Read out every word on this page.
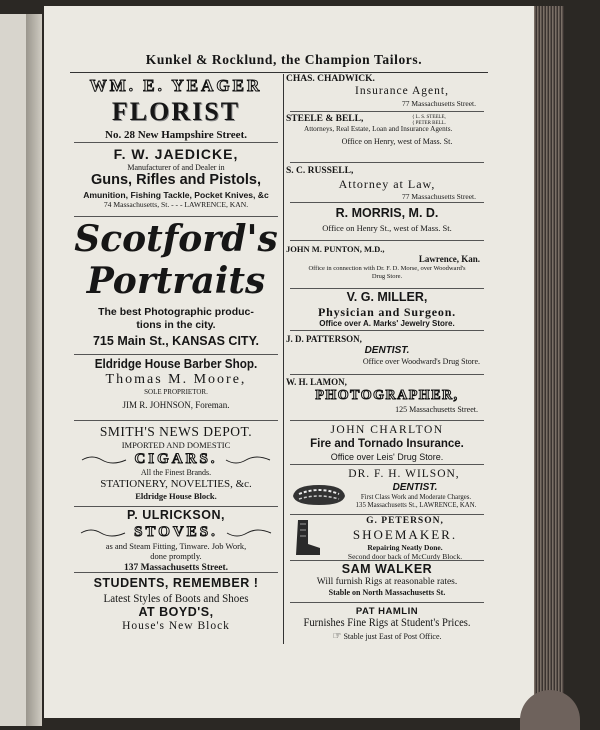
Kunkel & Rocklund, the Champion Tailors.
WM. E. YEAGER
FLORIST
No. 28 New Hampshire Street.
F. W. JAEDICKE,
Manufacturer of and Dealer in
Guns, Rifles and Pistols,
Amunition, Fishing Tackle, Pocket Knives, &c
74 Massachusetts, St. - - - LAWRENCE, KAN.
Scotford's
Portraits
The best Photographic produc-
tions in the city.
715 Main St., KANSAS CITY.
Eldridge House Barber Shop.
Thomas M. Moore,
SOLE PROPRIETOR.
JIM R. JOHNSON, Foreman.
SMITH'S NEWS DEPOT.
IMPORTED AND DOMESTIC
CIGARS.
All the Finest Brands.
STATIONERY, NOVELTIES, &c.
Eldridge House Block.
P. ULRICKSON,
STOVES.
as and Steam Fitting, Tinware. Job Work,
done promptly.
137 Massachusetts Street.
STUDENTS, REMEMBER !
Latest Styles of Boots and Shoes
AT BOYD'S,
House's New Block
CHAS. CHADWICK.
Insurance Agent,
77 Massachusetts Street.
STEELE & BELL,	{ L. S. STEELE,
{ PETER BELL.
Attorneys, Real Estate, Loan and Insurance Agents.
Office on Henry, west of Mass. St.
S. C. RUSSELL,
Attorney at Law,
77 Massachusetts Street.
R. MORRIS, M. D.
Office on Henry St., west of Mass. St.
JOHN M. PUNTON, M.D.,
Lawrence, Kan.
Office in connection with Dr. F. D. Morse, over Woodward's
Drug Store.
V. G. MILLER,
Physician and Surgeon.
Office over A. Marks' Jewelry Store.
J. D. PATTERSON,
DENTIST.
Office over Woodward's Drug Store.
W. H. LAMON,
PHOTOGRAPHER,
125 Massachusetts Street.
JOHN CHARLTON
Fire and Tornado Insurance.
Office over Leis' Drug Store.
DR. F. H. WILSON,
DENTIST.
First Class Work and Moderate Charges.
135 Massachusetts St., LAWRENCE, KAN.
G. PETERSON,
SHOEMAKER.
Repairing Neatly Done.
Second door back of McCurdy Block.
SAM WALKER
Will furnish Rigs at reasonable rates.
Stable on North Massachusetts St.
PAT HAMLIN
Furnishes Fine Rigs at Student's Prices.
☞ Stable just East of Post Office.
